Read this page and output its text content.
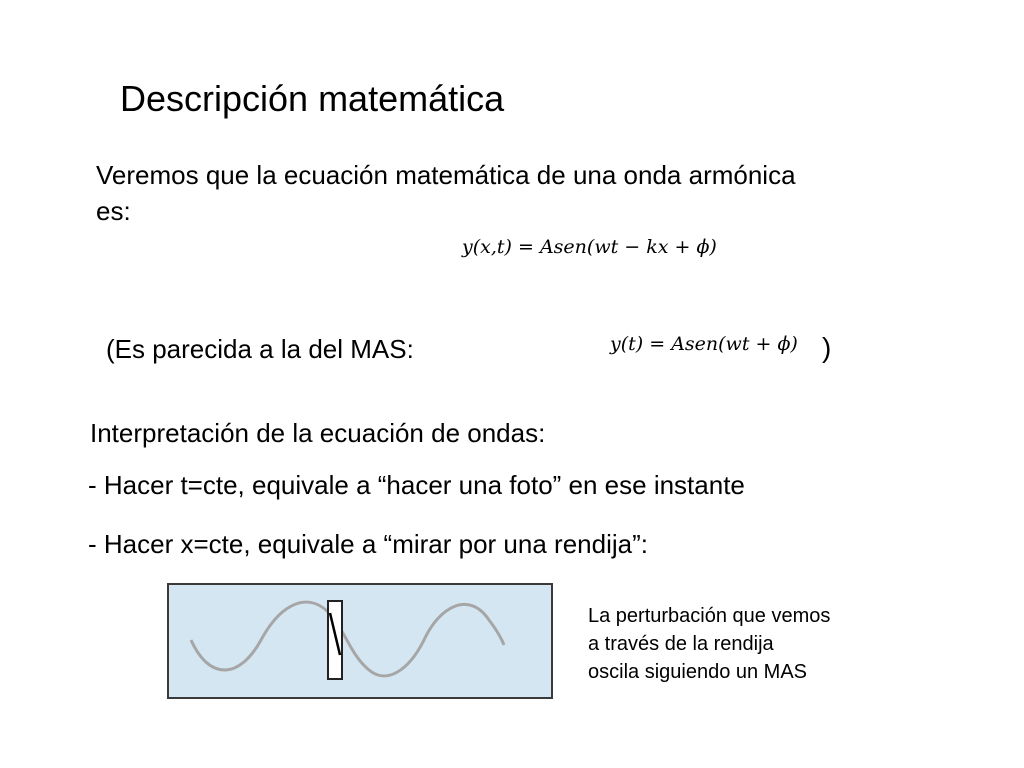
Descripción matemática
Veremos que la ecuación matemática de una onda armónica
es:
y(x,t) = Asen(wt − kx + ϕ)
(Es parecida a la del MAS:	y(t) = Asen(wt + ϕ) )
Interpretación de la ecuación de ondas:
- Hacer t=cte, equivale a “hacer una foto” en ese instante
- Hacer x=cte, equivale a “mirar por una rendija”:
La perturbación que vemos
a través de la rendija
oscila siguiendo un MAS
